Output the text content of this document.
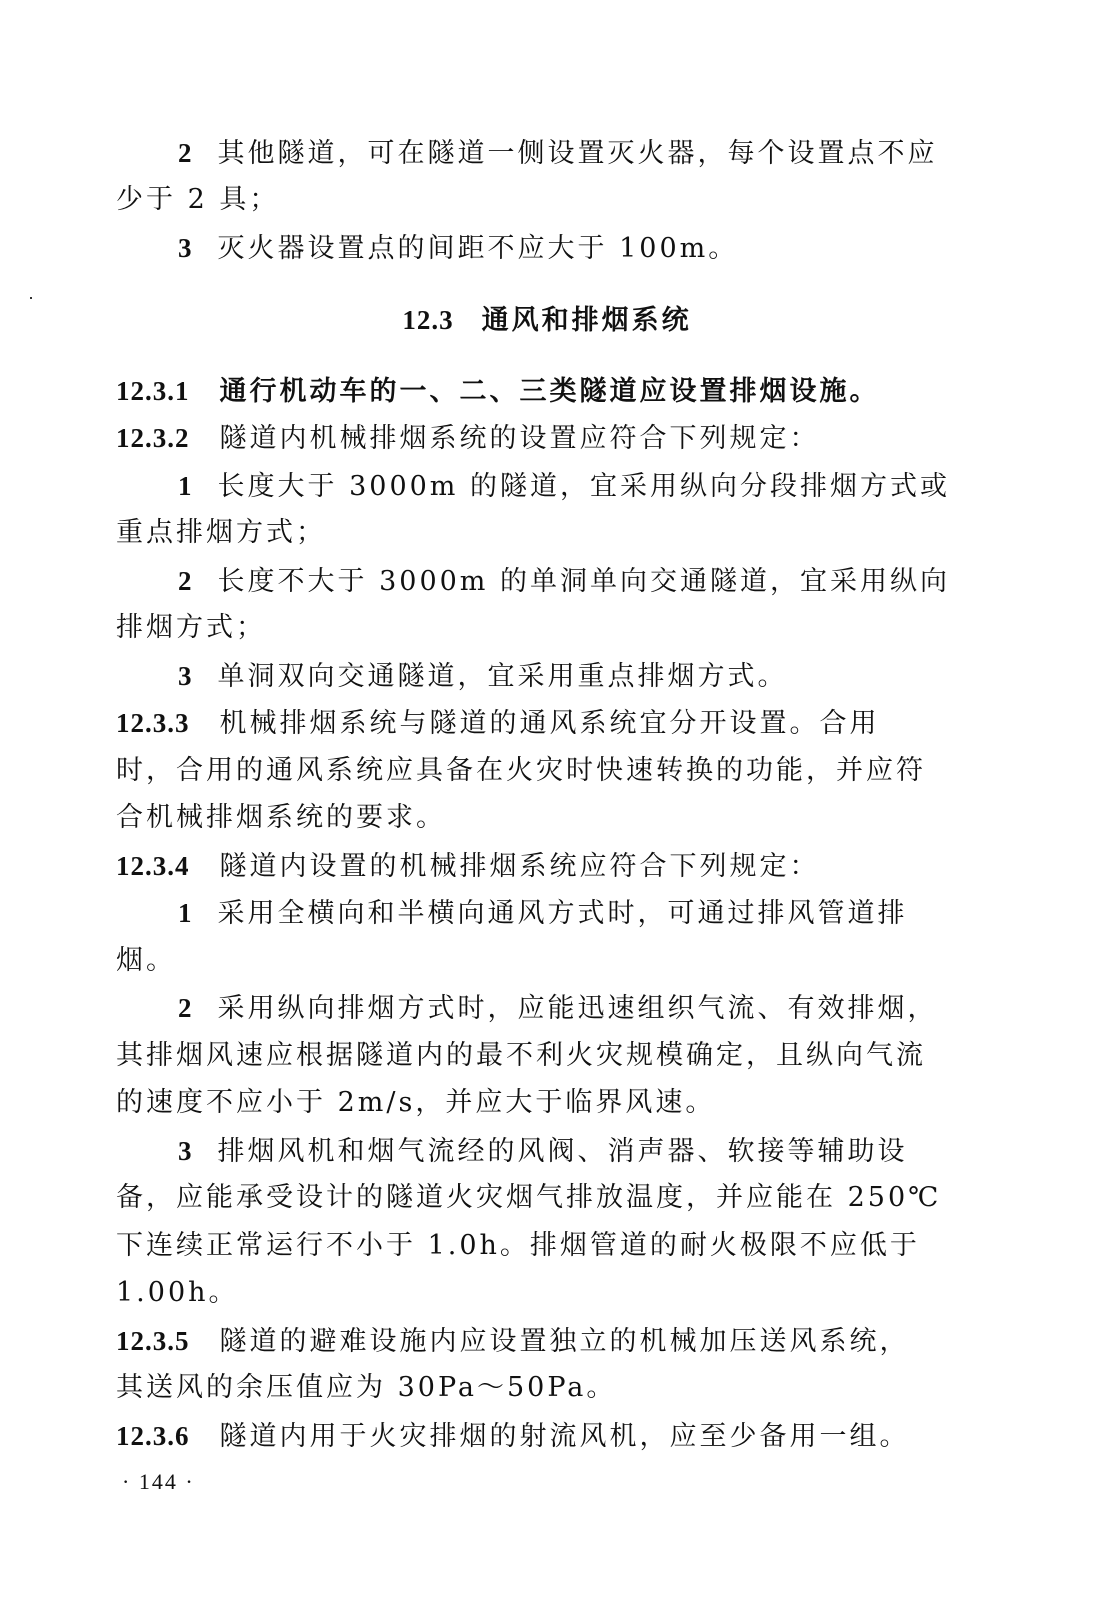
2 其他隧道，可在隧道一侧设置灭火器，每个设置点不应
少于 2 具；
3 灭火器设置点的间距不应大于 100m。
12.3 通风和排烟系统
12.3.1 通行机动车的一、二、三类隧道应设置排烟设施。
12.3.2 隧道内机械排烟系统的设置应符合下列规定：
1 长度大于 3000m 的隧道，宜采用纵向分段排烟方式或
重点排烟方式；
2 长度不大于 3000m 的单洞单向交通隧道，宜采用纵向
排烟方式；
3 单洞双向交通隧道，宜采用重点排烟方式。
12.3.3 机械排烟系统与隧道的通风系统宜分开设置。合用
时，合用的通风系统应具备在火灾时快速转换的功能，并应符
合机械排烟系统的要求。
12.3.4 隧道内设置的机械排烟系统应符合下列规定：
1 采用全横向和半横向通风方式时，可通过排风管道排
烟。
2 采用纵向排烟方式时，应能迅速组织气流、有效排烟，
其排烟风速应根据隧道内的最不利火灾规模确定，且纵向气流
的速度不应小于 2m/s，并应大于临界风速。
3 排烟风机和烟气流经的风阀、消声器、软接等辅助设
备，应能承受设计的隧道火灾烟气排放温度，并应能在 250℃
下连续正常运行不小于 1.0h。排烟管道的耐火极限不应低于
1.00h。
12.3.5 隧道的避难设施内应设置独立的机械加压送风系统，
其送风的余压值应为 30Pa～50Pa。
12.3.6 隧道内用于火灾排烟的射流风机，应至少备用一组。
· 144 ·
